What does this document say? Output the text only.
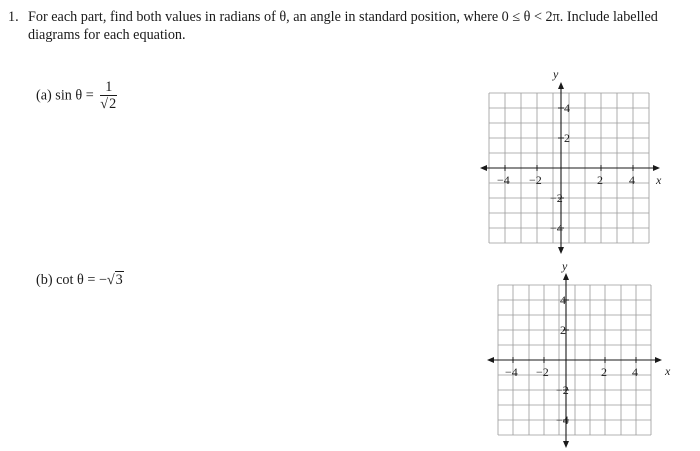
1. For each part, find both values in radians of θ, an angle in standard position, where 0 ≤ θ < 2π. Include labelled
diagrams for each equation.
(a) $\sin \theta = \frac{1}{√2}$
(b) cot θ = −√3
−4 −2	2 4
4
2
−2
−4
x
y
−4 −2	2 4
4
2
−2
−4
x
y
